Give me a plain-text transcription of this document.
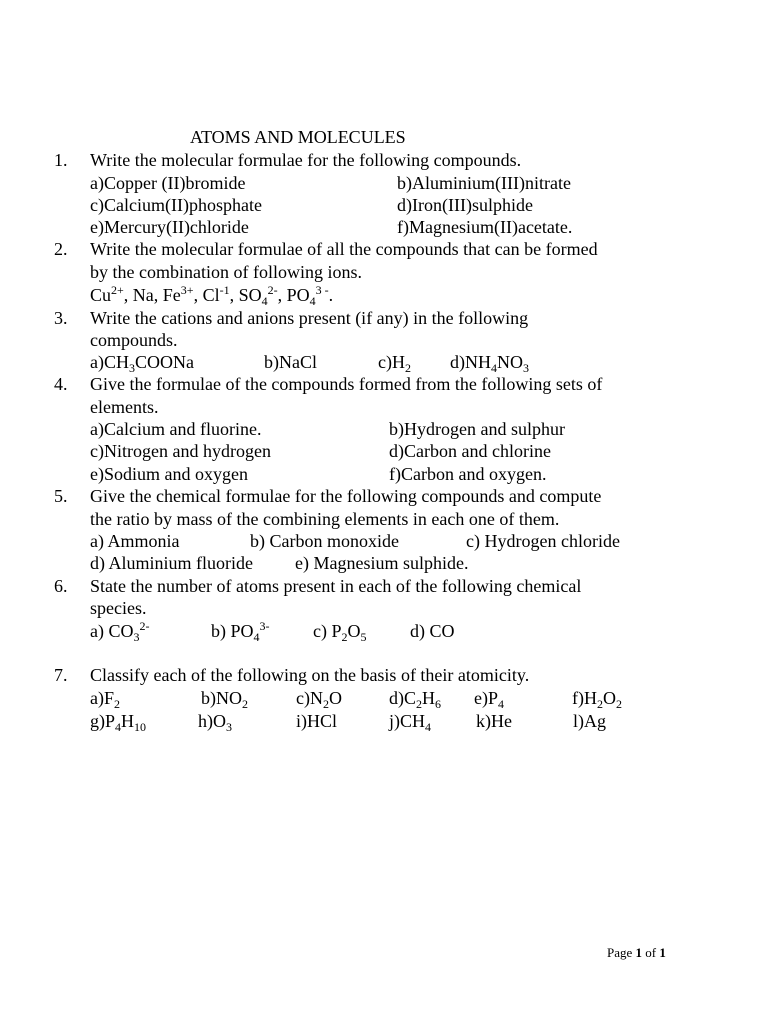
ATOMS AND MOLECULES
1. Write the molecular formulae for the following compounds.
a)Copper (II)bromide	b)Aluminium(III)nitrate
c)Calcium(II)phosphate	d)Iron(III)sulphide
e)Mercury(II)chloride	f)Magnesium(II)acetate.
2. Write the molecular formulae of all the compounds that can be formed
by the combination of following ions.
$Cu^{2+}$, Na, $Fe^{3+}$, $Cl^{-1}$, $SO_4^{2-}$, $PO_4^{3 -}$.
3. Write the cations and anions present (if any) in the following
compounds.
$a)CH_3COONa$	b)NaCl	$c)H_2$ $d)NH_4NO_3$
4. Give the formulae of the compounds formed from the following sets of
elements.
a)Calcium and fluorine.	b)Hydrogen and sulphur
c)Nitrogen and hydrogen	d)Carbon and chlorine
e)Sodium and oxygen	f)Carbon and oxygen.
5. Give the chemical formulae for the following compounds and compute
the ratio by mass of the combining elements in each one of them.
a) Ammonia	b) Carbon monoxide	c) Hydrogen chloride
d) Aluminium fluoride e) Magnesium sulphide.
6. State the number of atoms present in each of the following chemical
species.
a) $CO_3^{2-}$	b) $PO_4^{3-}$ c) $P_2O_5$ d) CO
7. Classify each of the following on the basis of their atomicity.
$a)F_2$	$b)NO_2$	$c)N_2O$	$d)C_2H_6$ $e)P_4$	$f)H_2O_2$
$g)P_4H_{10}$	$h)O_3$	i)HCl	$j)CH_4$	k)He	l)Ag
Page 1 of 1
